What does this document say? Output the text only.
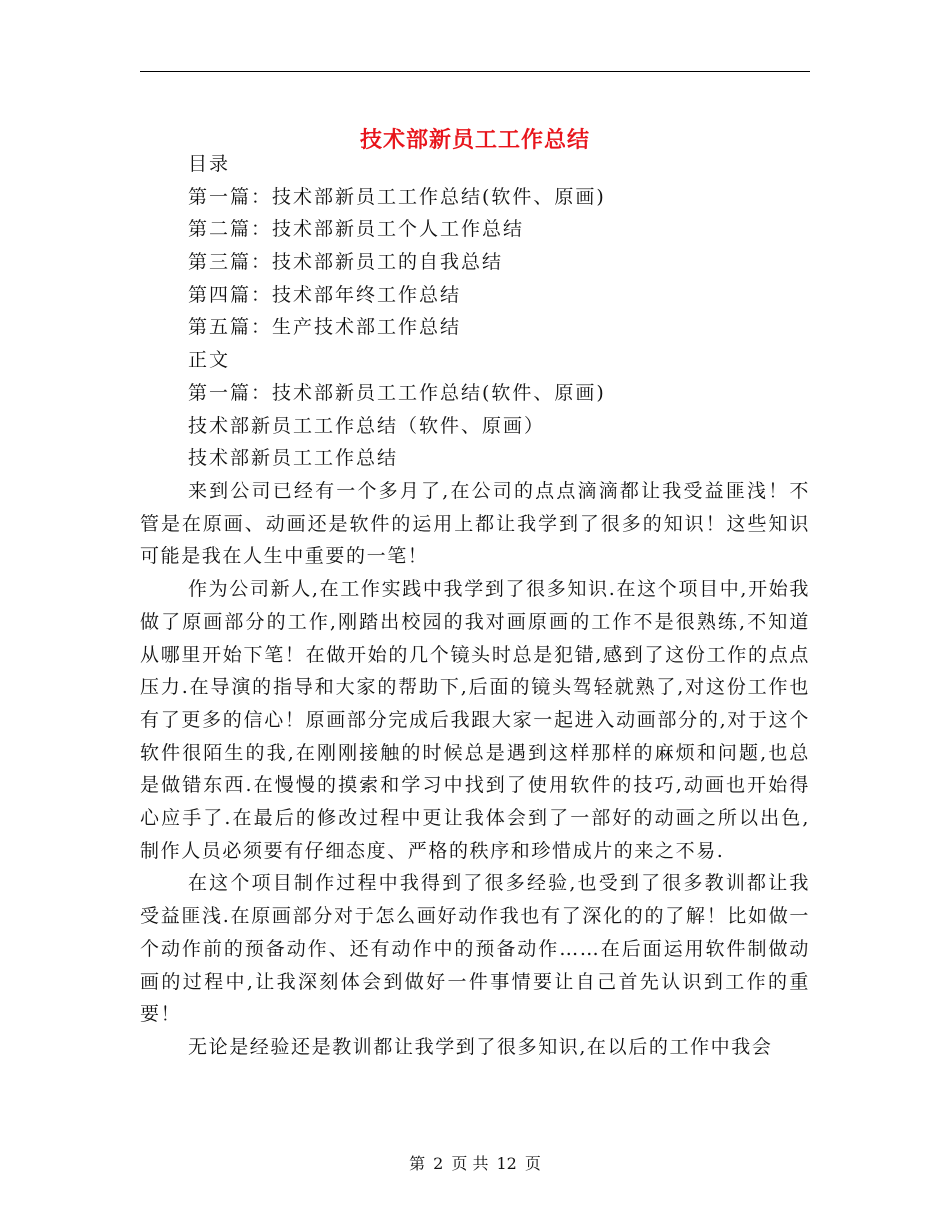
技术部新员工工作总结
目录
第一篇：技术部新员工工作总结(软件、原画)
第二篇：技术部新员工个人工作总结
第三篇：技术部新员工的自我总结
第四篇：技术部年终工作总结
第五篇：生产技术部工作总结
正文
第一篇：技术部新员工工作总结(软件、原画)
技术部新员工工作总结（软件、原画）
技术部新员工工作总结

来到公司已经有一个多月了,在公司的点点滴滴都让我受益匪浅！不管是在原画、动画还是软件的运用上都让我学到了很多的知识！这些知识可能是我在人生中重要的一笔！

作为公司新人,在工作实践中我学到了很多知识.在这个项目中,开始我做了原画部分的工作,刚踏出校园的我对画原画的工作不是很熟练,不知道从哪里开始下笔！在做开始的几个镜头时总是犯错,感到了这份工作的点点压力.在导演的指导和大家的帮助下,后面的镜头驾轻就熟了,对这份工作也有了更多的信心！原画部分完成后我跟大家一起进入动画部分的,对于这个软件很陌生的我,在刚刚接触的时候总是遇到这样那样的麻烦和问题,也总是做错东西.在慢慢的摸索和学习中找到了使用软件的技巧,动画也开始得心应手了.在最后的修改过程中更让我体会到了一部好的动画之所以出色,制作人员必须要有仔细态度、严格的秩序和珍惜成片的来之不易.

在这个项目制作过程中我得到了很多经验,也受到了很多教训都让我受益匪浅.在原画部分对于怎么画好动作我也有了深化的的了解！比如做一个动作前的预备动作、还有动作中的预备动作……在后面运用软件制做动画的过程中,让我深刻体会到做好一件事情要让自己首先认识到工作的重要！

无论是经验还是教训都让我学到了很多知识,在以后的工作中我会

第 2 页 共 12 页
